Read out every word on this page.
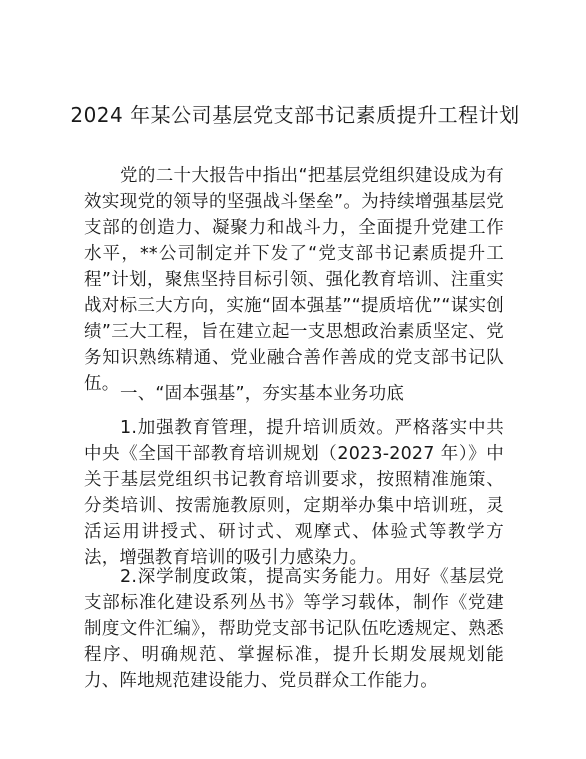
2024 年某公司基层党支部书记素质提升工程计划

党的二十大报告中指出“把基层党组织建设成为有效实现党的领导的坚强战斗堡垒”。为持续增强基层党支部的创造力、凝聚力和战斗力，全面提升党建工作水平，**公司制定并下发了“党支部书记素质提升工程”计划，聚焦坚持目标引领、强化教育培训、注重实战对标三大方向，实施“固本强基”“提质培优”“谋实创绩”三大工程，旨在建立起一支思想政治素质坚定、党务知识熟练精通、党业融合善作善成的党支部书记队伍。 一、“固本强基”，夯实基本业务功底

1.加强教育管理，提升培训质效。严格落实中共中央《全国干部教育培训规划（2023-2027 年）》中关于基层党组织书记教育培训要求，按照精准施策、分类培训、按需施教原则，定期举办集中培训班，灵活运用讲授式、研讨式、观摩式、体验式等教学方法，增强教育培训的吸引力感染力。

2.深学制度政策，提高实务能力。用好《基层党支部标准化建设系列丛书》等学习载体，制作《党建制度文件汇编》，帮助党支部书记队伍吃透规定、熟悉程序、明确规范、掌握标准，提升长期发展规划能力、阵地规范建设能力、党员群众工作能力。
